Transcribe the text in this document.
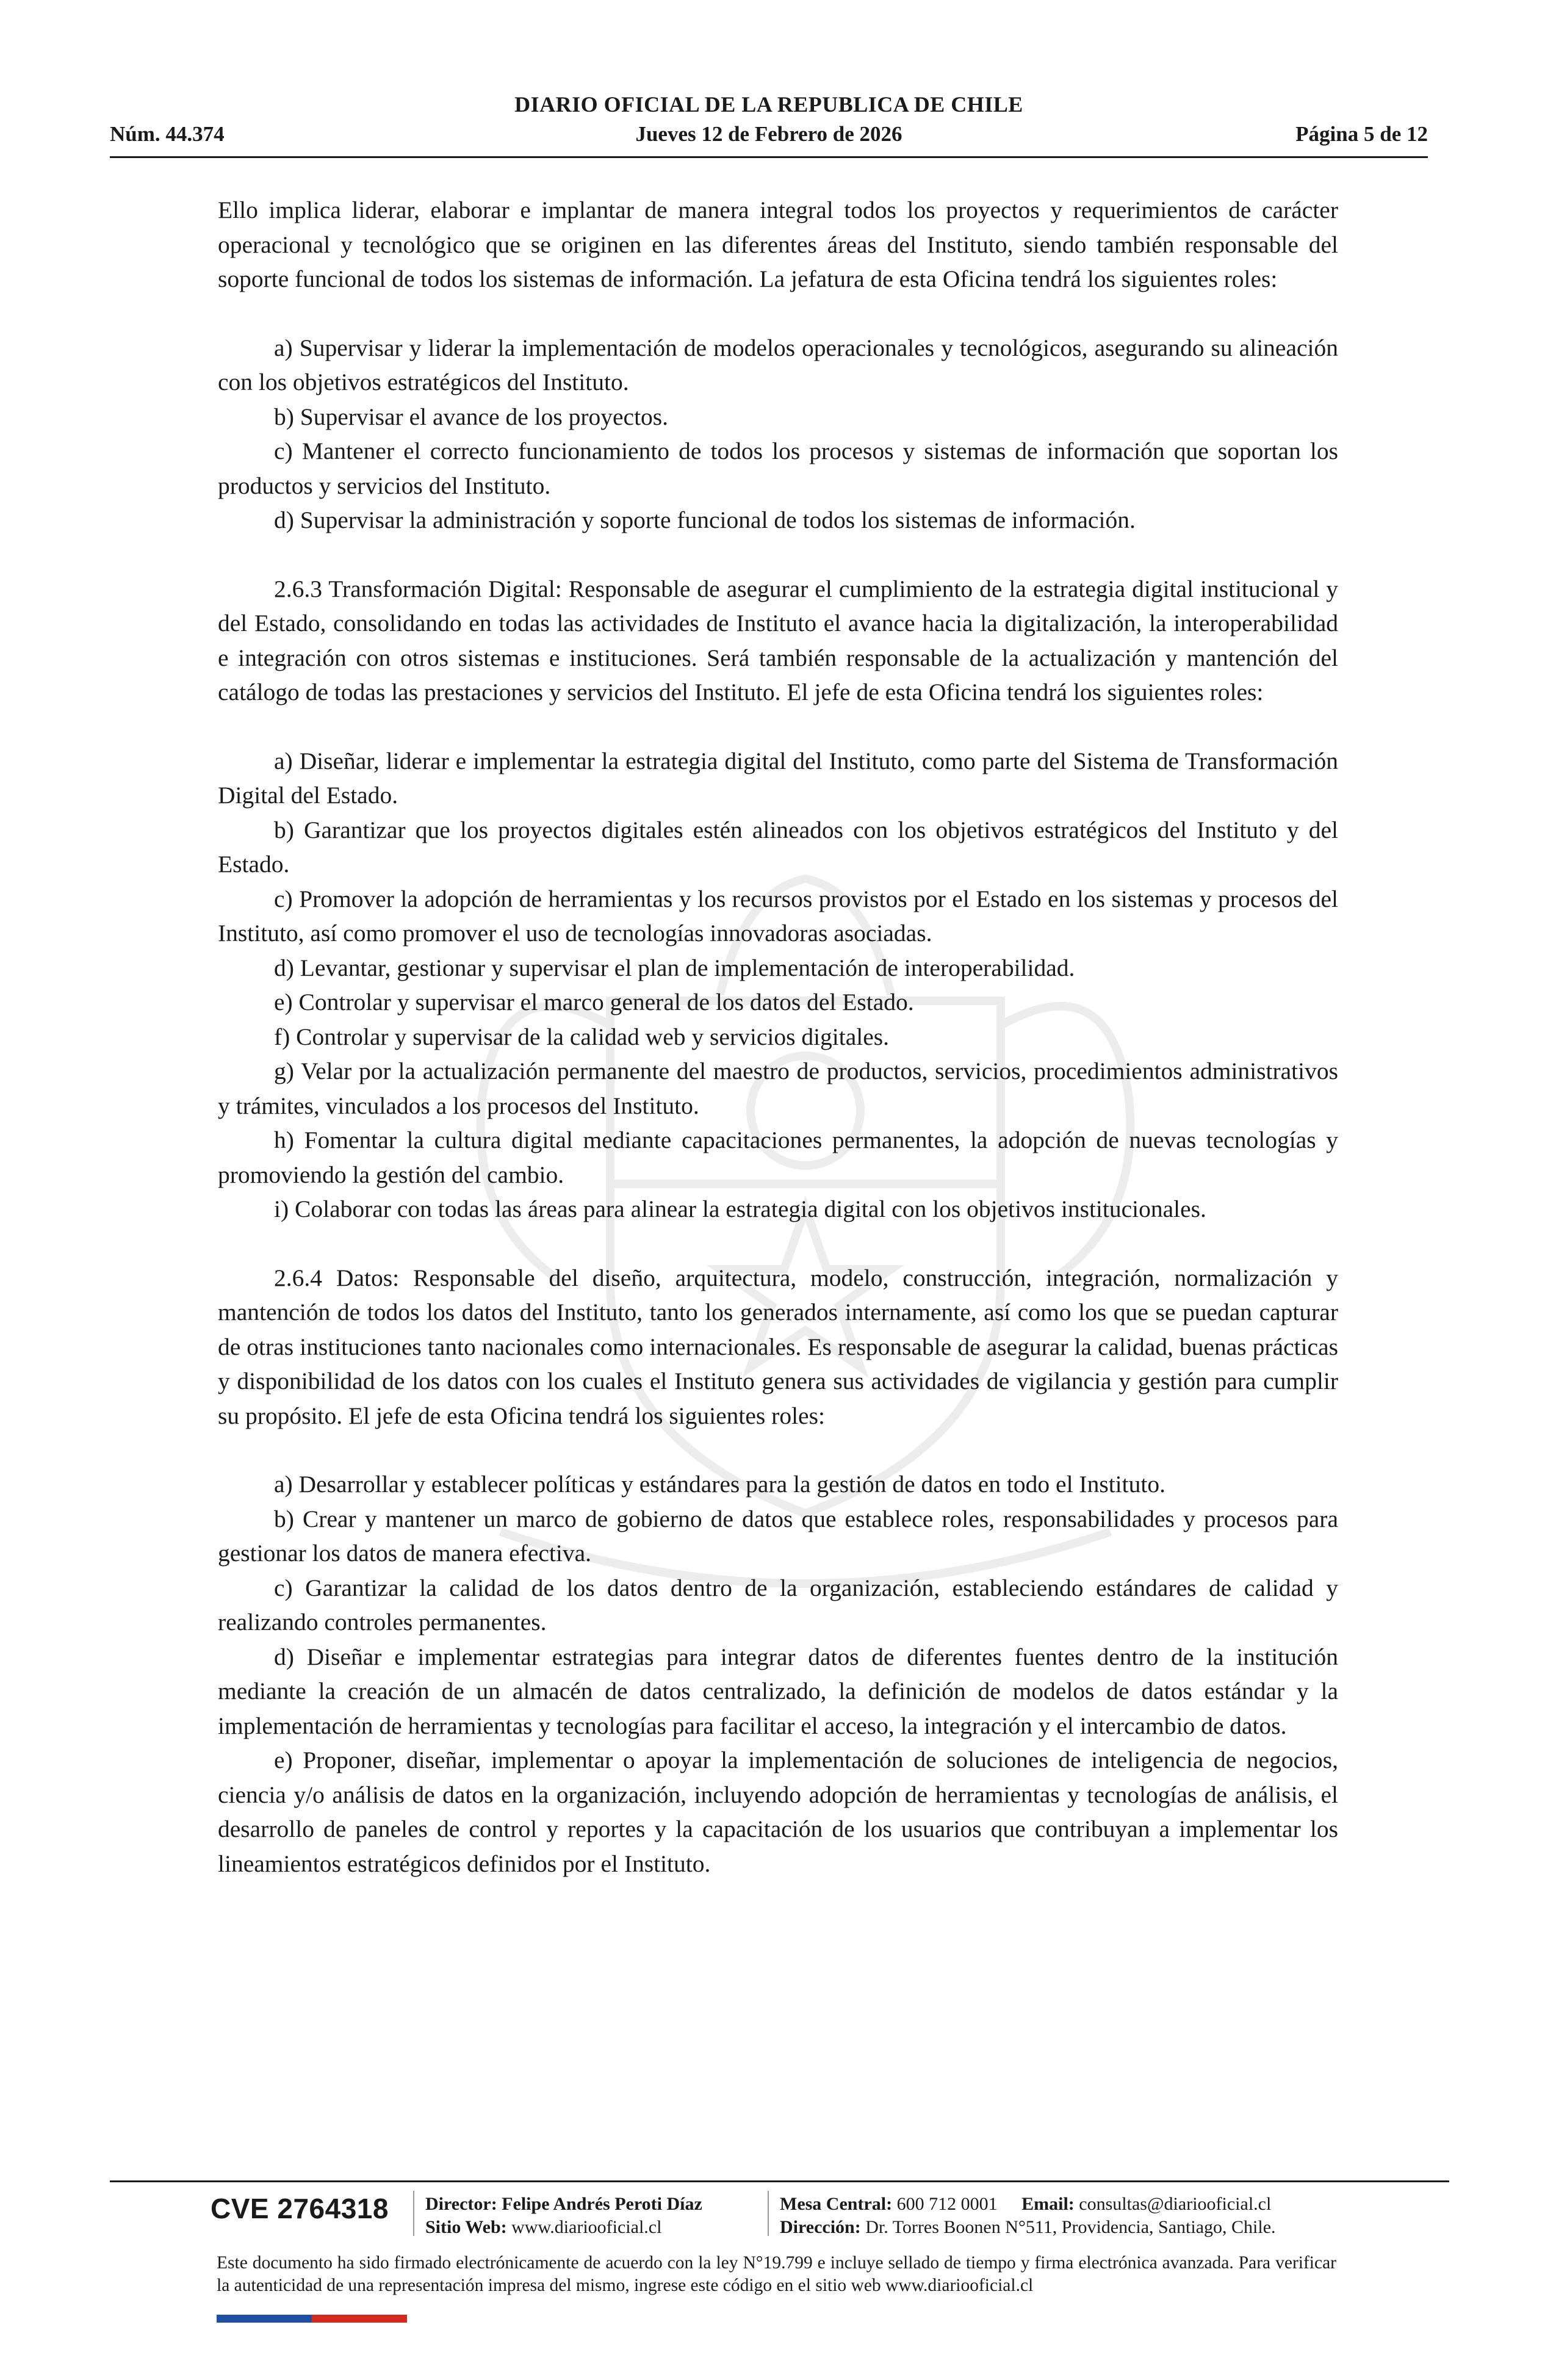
DIARIO OFICIAL DE LA REPUBLICA DE CHILE
Núm. 44.374	Jueves 12 de Febrero de 2026	Página 5 de 12

Ello implica liderar, elaborar e implantar de manera integral todos los proyectos y requerimientos de carácter operacional y tecnológico que se originen en las diferentes áreas del Instituto, siendo también responsable del soporte funcional de todos los sistemas de información. La jefatura de esta Oficina tendrá los siguientes roles:

a) Supervisar y liderar la implementación de modelos operacionales y tecnológicos, asegurando su alineación con los objetivos estratégicos del Instituto.

b) Supervisar el avance de los proyectos.

c) Mantener el correcto funcionamiento de todos los procesos y sistemas de información que soportan los productos y servicios del Instituto.

d) Supervisar la administración y soporte funcional de todos los sistemas de información.

2.6.3 Transformación Digital: Responsable de asegurar el cumplimiento de la estrategia digital institucional y del Estado, consolidando en todas las actividades de Instituto el avance hacia la digitalización, la interoperabilidad e integración con otros sistemas e instituciones. Será también responsable de la actualización y mantención del catálogo de todas las prestaciones y servicios del Instituto. El jefe de esta Oficina tendrá los siguientes roles:

a) Diseñar, liderar e implementar la estrategia digital del Instituto, como parte del Sistema de Transformación Digital del Estado.

b) Garantizar que los proyectos digitales estén alineados con los objetivos estratégicos del Instituto y del Estado.

c) Promover la adopción de herramientas y los recursos provistos por el Estado en los sistemas y procesos del Instituto, así como promover el uso de tecnologías innovadoras asociadas.

d) Levantar, gestionar y supervisar el plan de implementación de interoperabilidad.

e) Controlar y supervisar el marco general de los datos del Estado.

f) Controlar y supervisar de la calidad web y servicios digitales.

g) Velar por la actualización permanente del maestro de productos, servicios, procedimientos administrativos y trámites, vinculados a los procesos del Instituto.

h) Fomentar la cultura digital mediante capacitaciones permanentes, la adopción de nuevas tecnologías y promoviendo la gestión del cambio.

i) Colaborar con todas las áreas para alinear la estrategia digital con los objetivos institucionales.

2.6.4 Datos: Responsable del diseño, arquitectura, modelo, construcción, integración, normalización y mantención de todos los datos del Instituto, tanto los generados internamente, así como los que se puedan capturar de otras instituciones tanto nacionales como internacionales. Es responsable de asegurar la calidad, buenas prácticas y disponibilidad de los datos con los cuales el Instituto genera sus actividades de vigilancia y gestión para cumplir su propósito. El jefe de esta Oficina tendrá los siguientes roles:

a) Desarrollar y establecer políticas y estándares para la gestión de datos en todo el Instituto.

b) Crear y mantener un marco de gobierno de datos que establece roles, responsabilidades y procesos para gestionar los datos de manera efectiva.

c) Garantizar la calidad de los datos dentro de la organización, estableciendo estándares de calidad y realizando controles permanentes.

d) Diseñar e implementar estrategias para integrar datos de diferentes fuentes dentro de la institución mediante la creación de un almacén de datos centralizado, la definición de modelos de datos estándar y la implementación de herramientas y tecnologías para facilitar el acceso, la integración y el intercambio de datos.

e) Proponer, diseñar, implementar o apoyar la implementación de soluciones de inteligencia de negocios, ciencia y/o análisis de datos en la organización, incluyendo adopción de herramientas y tecnologías de análisis, el desarrollo de paneles de control y reportes y la capacitación de los usuarios que contribuyan a implementar los lineamientos estratégicos definidos por el Instituto.

CVE 2764318 Director: Felipe Andrés Peroti Díaz
Sitio Web: www.diariooficial.cl
Mesa Central: 600 712 0001 Email: consultas@diariooficial.cl
Dirección: Dr. Torres Boonen N°511, Providencia, Santiago, Chile.
Este documento ha sido firmado electrónicamente de acuerdo con la ley N°19.799 e incluye sellado de tiempo y firma electrónica avanzada. Para verificar la autenticidad de una representación impresa del mismo, ingrese este código en el sitio web www.diariooficial.cl
